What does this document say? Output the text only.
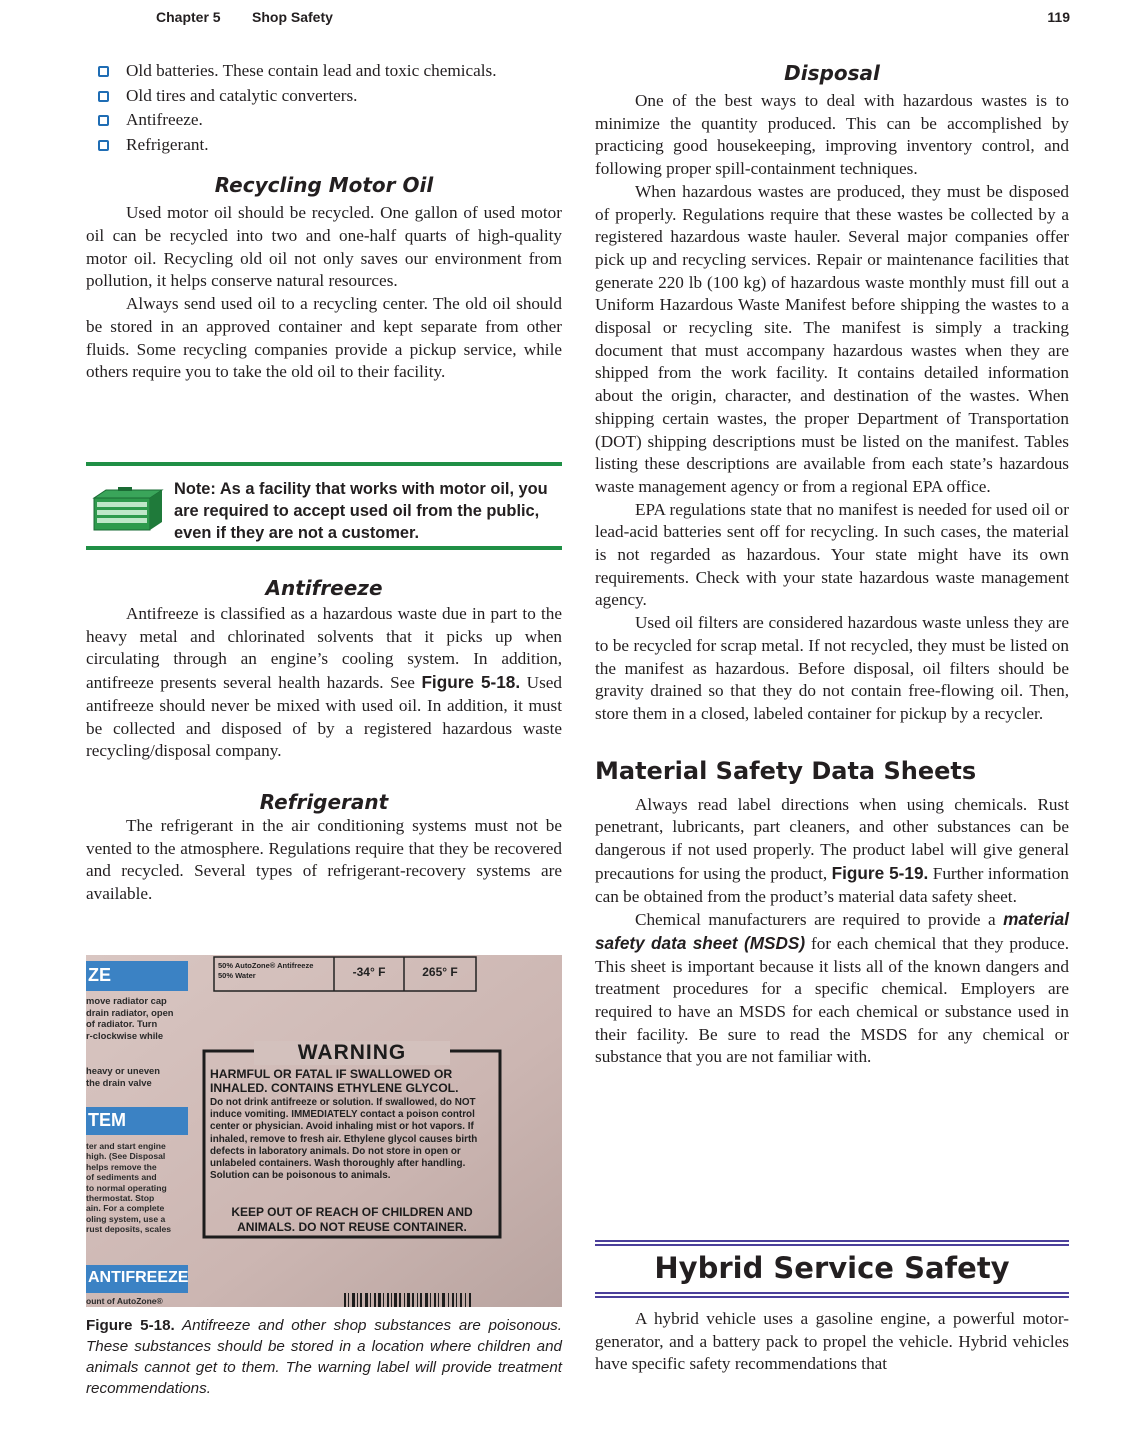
Chapter 5 Shop Safety	119
Old batteries. These contain lead and toxic chemicals.
Old tires and catalytic converters.
Antifreeze.
Refrigerant.
Recycling Motor Oil

Used motor oil should be recycled. One gallon of used motor oil can be recycled into two and one-half quarts of high-quality motor oil. Recycling old oil not only saves our environment from pollution, it helps conserve natural resources.

Always send used oil to a recycling center. The old oil should be stored in an approved container and kept separate from other fluids. Some recycling companies provide a pickup service, while others require you to take the old oil to their facility.

Note: As a facility that works with motor oil, you are required to accept used oil from the public, even if they are not a customer.
Antifreeze

Antifreeze is classified as a hazardous waste due in part to the heavy metal and chlorinated solvents that it picks up when circulating through an engine’s cooling system. In addition, antifreeze presents several health hazards. See Figure 5-18. Used antifreeze should never be mixed with used oil. In addition, it must be collected and disposed of by a registered hazardous waste recycling/disposal company.

Refrigerant

The refrigerant in the air conditioning systems must not be vented to the atmosphere. Regulations require that they be recovered and recycled. Several types of refrigerant-recovery systems are available.

50% AutoZone® Antifreeze
50% Water	-34° F	265° F
ZE
move radiator cap
drain radiator, open
of radiator. Turn
r-clockwise while
heavy or uneven
the drain valve
TEM
ter and start engine
high. (See Disposal
helps remove the
of sediments and
to normal operating
thermostat. Stop
ain. For a complete
oling system, use a
rust deposits, scales
ANTIFREEZE
ount of AutoZone®
WARNING
HARMFUL OR FATAL IF SWALLOWED OR INHALED. CONTAINS ETHYLENE GLYCOL.
Do not drink antifreeze or solution. If swallowed, do NOT induce vomiting. IMMEDIATELY contact a poison control center or physician. Avoid inhaling mist or hot vapors. If inhaled, remove to fresh air. Ethylene glycol causes birth defects in laboratory animals. Do not store in open or unlabeled containers. Wash thoroughly after handling. Solution can be poisonous to animals.
KEEP OUT OF REACH OF CHILDREN AND ANIMALS. DO NOT REUSE CONTAINER.
Figure 5-18. Antifreeze and other shop substances are poisonous. These substances should be stored in a location where children and animals cannot get to them. The warning label will provide treatment recommendations.
Disposal

One of the best ways to deal with hazardous wastes is to minimize the quantity produced. This can be accomplished by practicing good housekeeping, improving inventory control, and following proper spill-containment techniques.

When hazardous wastes are produced, they must be disposed of properly. Regulations require that these wastes be collected by a registered hazardous waste hauler. Several major companies offer pick up and recycling services. Repair or maintenance facilities that generate 220 lb (100 kg) of hazardous waste monthly must fill out a Uniform Hazardous Waste Manifest before shipping the wastes to a disposal or recycling site. The manifest is simply a tracking document that must accompany hazardous wastes when they are shipped from the work facility. It contains detailed information about the origin, character, and destination of the wastes. When shipping certain wastes, the proper Department of Transportation (DOT) shipping descriptions must be listed on the manifest. Tables listing these descriptions are available from each state’s hazardous waste management agency or from a regional EPA office.

EPA regulations state that no manifest is needed for used oil or lead-acid batteries sent off for recycling. In such cases, the material is not regarded as hazardous. Your state might have its own requirements. Check with your state hazardous waste management agency.

Used oil filters are considered hazardous waste unless they are to be recycled for scrap metal. If not recycled, they must be listed on the manifest as hazardous. Before disposal, oil filters should be gravity drained so that they do not contain free-flowing oil. Then, store them in a closed, labeled container for pickup by a recycler.

Material Safety Data Sheets

Always read label directions when using chemicals. Rust penetrant, lubricants, part cleaners, and other substances can be dangerous if not used properly. The product label will give general precautions for using the product, Figure 5-19. Further information can be obtained from the product’s material data safety sheet.

Chemical manufacturers are required to provide a material safety data sheet (MSDS) for each chemical that they produce. This sheet is important because it lists all of the known dangers and treatment procedures for a specific chemical. Employers are required to have an MSDS for each chemical or substance used in their facility. Be sure to read the MSDS for any chemical or substance that you are not familiar with.

Hybrid Service Safety

A hybrid vehicle uses a gasoline engine, a powerful motor-generator, and a battery pack to propel the vehicle. Hybrid vehicles have specific safety recommendations that
